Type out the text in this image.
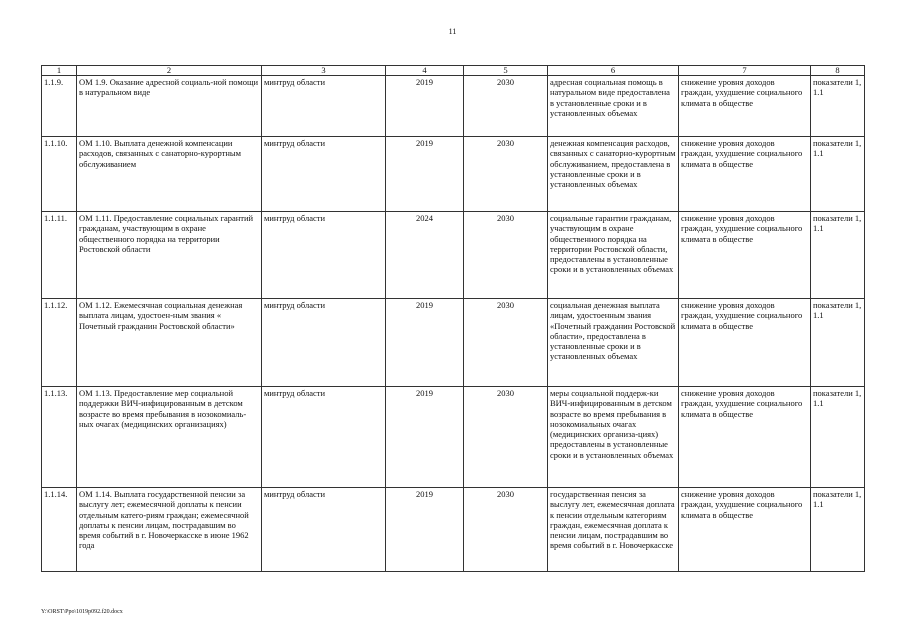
11
1	2	3	4	5	6	7	8
1.1.9.	ОМ 1.9. Оказание адресной социаль-ной помощи в натуральном виде	минтруд области	2019	2030	адресная социальная помощь в натуральном виде предоставлена в установленные сроки и в установленных объемах	снижение уровня доходов граждан, ухудшение социального климата в обществе	показатели 1, 1.1
1.1.10.	ОМ 1.10. Выплата денежной компенсации расходов, связанных с санаторно-курортным обслуживанием	минтруд области	2019	2030	денежная компенсация расходов, связанных с санаторно-курортным обслуживанием, предоставлена в установленные сроки и в установленных объемах	снижение уровня доходов граждан, ухудшение социального климата в обществе	показатели 1, 1.1
1.1.11.	ОМ 1.11. Предоставление социальных гарантий гражданам, участвующим в охране общественного порядка на территории Ростовской области	минтруд области	2024	2030	социальные гарантии гражданам, участвующим в охране общественного порядка на территории Ростовской области, предоставлены в установленные сроки и в установленных объемах	снижение уровня доходов граждан, ухудшение социального климата в обществе	показатели 1, 1.1
1.1.12.	ОМ 1.12. Ежемесячная социальная денежная выплата лицам, удостоен-ным звания « Почетный гражданин Ростовской области»	минтруд области	2019	2030	социальная денежная выплата лицам, удостоенным звания «Почетный гражданин Ростовской области», предоставлена в установленные сроки и в установленных объемах	снижение уровня доходов граждан, ухудшение социального климата в обществе	показатели 1, 1.1
1.1.13.	ОМ 1.13. Предоставление мер социальной поддержки ВИЧ-инфицированным в детском возрасте во время пребывания в нозокомиаль-ных очагах (медицинских организациях)	минтруд области	2019	2030	меры социальной поддерж-ки ВИЧ-инфицированным в детском возрасте во время пребывания в нозокомиальных очагах (медицинских организа-циях) предоставлены в установленные сроки и в установленных объемах	снижение уровня доходов граждан, ухудшение социального климата в обществе	показатели 1, 1.1
1.1.14.	ОМ 1.14. Выплата государственной пенсии за выслугу лет; ежемесячной доплаты к пенсии отдельным катего-риям граждан; ежемесячной доплаты к пенсии лицам, пострадавшим во время событий в г. Новочеркасске в июне 1962 года	минтруд области	2019	2030	государственная пенсия за выслугу лет, ежемесячная доплата к пенсии отдельным категориям граждан, ежемесячная доплата к пенсии лицам, пострадавшим во время событий в г. Новочеркасске	снижение уровня доходов граждан, ухудшение социального климата в обществе	показатели 1, 1.1
Y:\ORST\Ppo\1019p092.f20.docx
